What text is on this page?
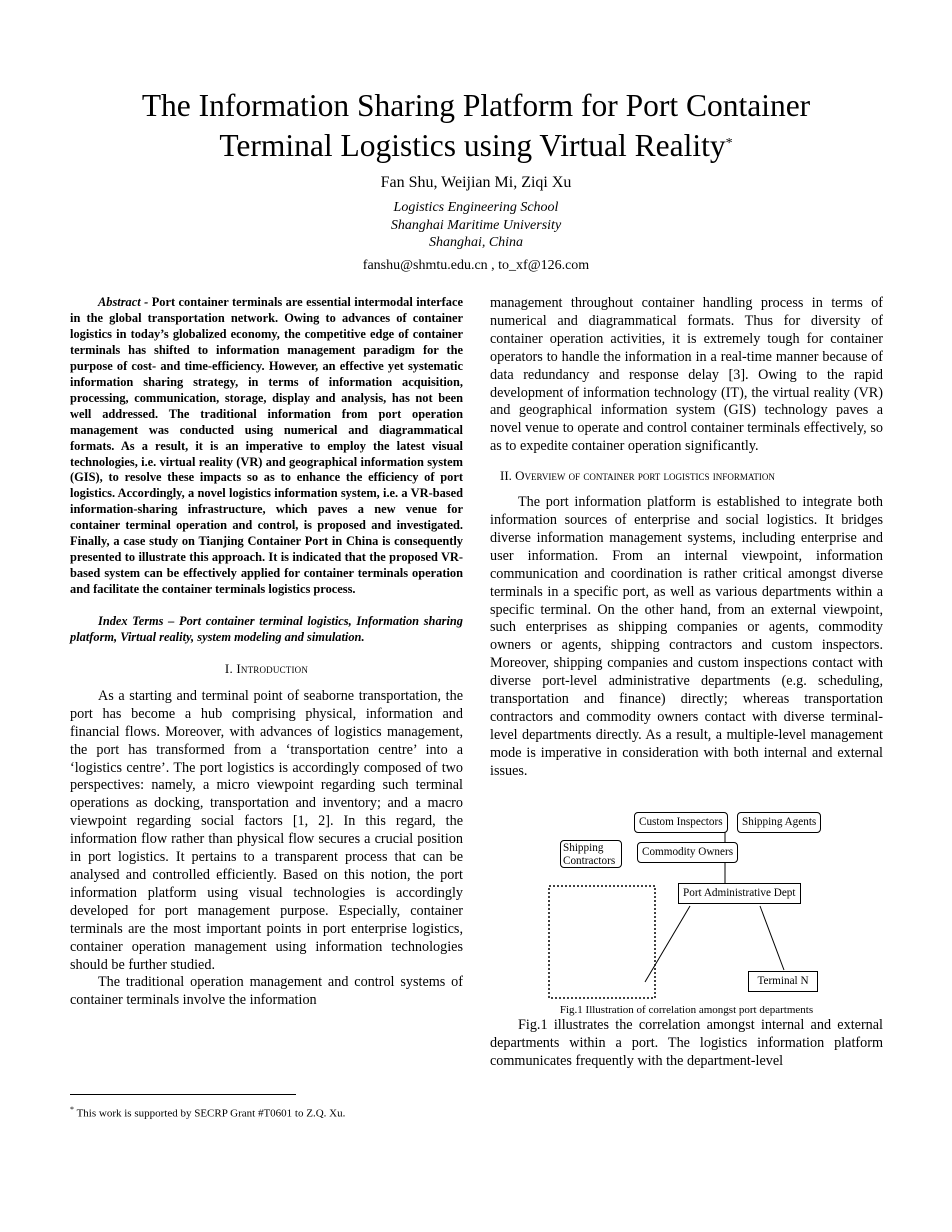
The Information Sharing Platform for Port Container
Terminal Logistics using Virtual Reality*
Fan Shu, Weijian Mi, Ziqi Xu
Logistics Engineering School
Shanghai Maritime University
Shanghai, China
fanshu@shmtu.edu.cn , to_xf@126.com

Abstract - Port container terminals are essential intermodal interface in the global transportation network. Owing to advances of container logistics in today’s globalized economy, the competitive edge of container terminals has shifted to information management paradigm for the purpose of cost- and time-efficiency. However, an effective yet systematic information sharing strategy, in terms of information acquisition, processing, communication, storage, display and analysis, has not been well addressed. The traditional information from port operation management was conducted using numerical and diagrammatical formats. As a result, it is an imperative to employ the latest visual technologies, i.e. virtual reality (VR) and geographical information system (GIS), to resolve these impacts so as to enhance the efficiency of port logistics. Accordingly, a novel logistics information system, i.e. a VR-based information-sharing infrastructure, which paves a new venue for container terminal operation and control, is proposed and investigated. Finally, a case study on Tianjing Container Port in China is consequently presented to illustrate this approach. It is indicated that the proposed VR-based system can be effectively applied for container terminals operation and facilitate the container terminals logistics process.

Index Terms – Port container terminal logistics, Information sharing platform, Virtual reality, system modeling and simulation.

I. Introduction

As a starting and terminal point of seaborne transportation, the port has become a hub comprising physical, information and financial flows. Moreover, with advances of logistics management, the port has transformed from a ‘transportation centre’ into a ‘logistics centre’. The port logistics is accordingly composed of two perspectives: namely, a micro viewpoint regarding such terminal operations as docking, transportation and inventory; and a macro viewpoint regarding social factors [1, 2]. In this regard, the information flow rather than physical flow secures a crucial position in port logistics. It pertains to a transparent process that can be analysed and controlled efficiently. Based on this notion, the port information platform using visual technologies is accordingly developed for port management purpose. Especially, container terminals are the most important points in port enterprise logistics, container operation management using information technologies should be further studied.

The traditional operation management and control systems of container terminals involve the information

management throughout container handling process in terms of numerical and diagrammatical formats. Thus for diversity of container operation activities, it is extremely tough for container operators to handle the information in a real-time manner because of data redundancy and response delay [3]. Owing to the rapid development of information technology (IT), the virtual reality (VR) and geographical information system (GIS) technology paves a novel venue to operate and control container terminals effectively, so as to expedite container operation significantly.

II. Overview of container port logistics information

The port information platform is established to integrate both information sources of enterprise and social logistics. It bridges diverse information management systems, including enterprise and user information. From an internal viewpoint, information communication and coordination is rather critical amongst diverse terminals in a specific port, as well as various departments within a specific terminal. On the other hand, from an external viewpoint, such enterprises as shipping companies or agents, commodity owners or agents, shipping contractors and custom inspectors. Moreover, shipping companies and custom inspections contact with diverse port-level administrative departments (e.g. scheduling, transportation and finance) directly; whereas transportation contractors and commodity owners contact with diverse terminal-level departments directly. As a result, a multiple-level management mode is imperative in consideration with both internal and external issues.

Custom Inspectors	Shipping Agents
Shipping
Contractors
Commodity Owners
Port Administrative Dept
Terminal N
Fig.1 Illustration of correlation amongst port departments
Fig.1 illustrates the correlation amongst internal and external departments within a port. The logistics information platform communicates frequently with the department-level
* This work is supported by SECRP Grant #T0601 to Z.Q. Xu.
